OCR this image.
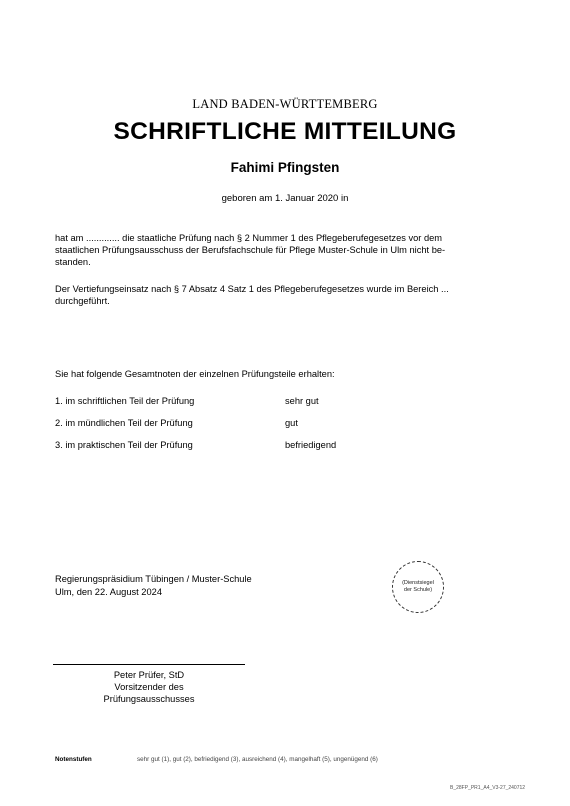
LAND BADEN-WÜRTTEMBERG
SCHRIFTLICHE MITTEILUNG
Fahimi Pfingsten
geboren am 1. Januar 2020 in
hat am ............. die staatliche Prüfung nach § 2 Nummer 1 des Pflegeberufegesetzes vor dem
staatlichen Prüfungsausschuss der Berufsfachschule für Pflege Muster-Schule in Ulm nicht be-
standen.
Der Vertiefungseinsatz nach § 7 Absatz 4 Satz 1 des Pflegeberufegesetzes wurde im Bereich ...
durchgeführt.
Sie hat folgende Gesamtnoten der einzelnen Prüfungsteile erhalten:
1. im schriftlichen Teil der Prüfung	sehr gut
2. im mündlichen Teil der Prüfung	gut
3. im praktischen Teil der Prüfung	befriedigend
Regierungspräsidium Tübingen / Muster-Schule
Ulm, den 22. August 2024
(Dienstsiegel
der Schule)
Peter Prüfer, StD
Vorsitzender des
Prüfungsausschusses
Notenstufen	sehr gut (1), gut (2), befriedigend (3), ausreichend (4), mangelhaft (5), ungenügend (6)
B_28FP_PR1_A4_V3-27_240712
